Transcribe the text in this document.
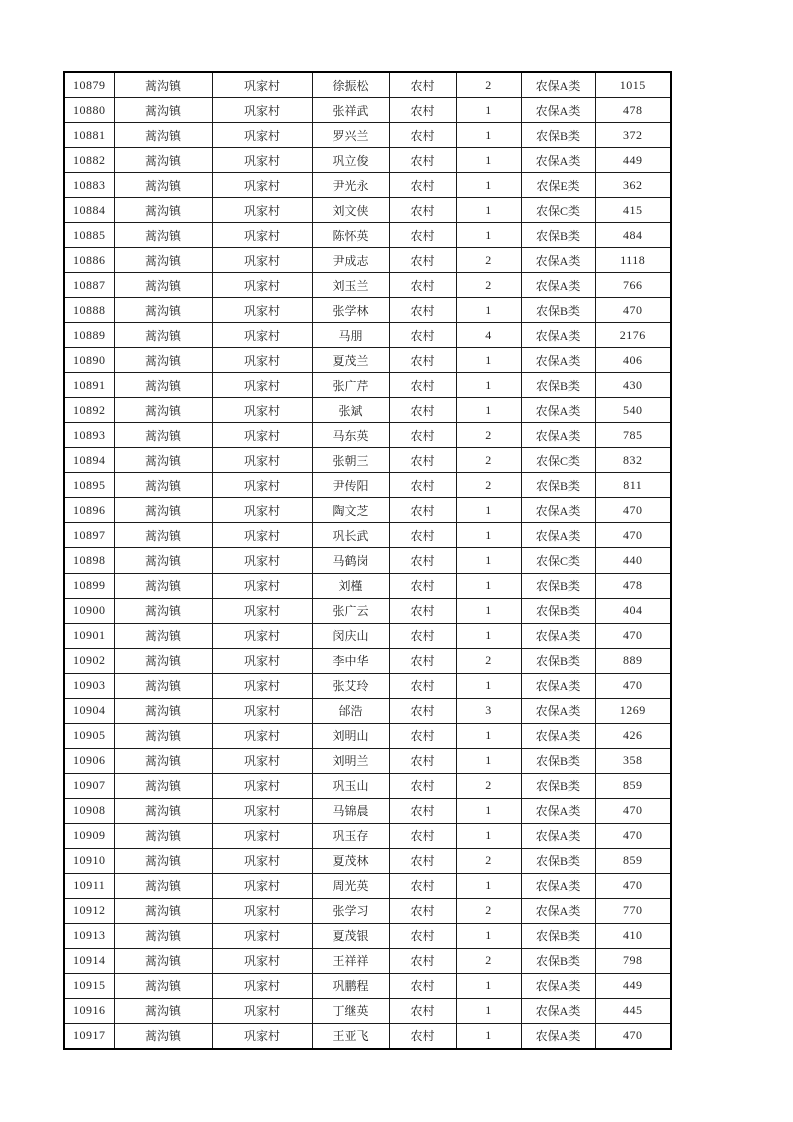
10879	蒿沟镇	巩家村	徐振松	农村	2	农保A类	1015
10880	蒿沟镇	巩家村	张祥武	农村	1	农保A类	478
10881	蒿沟镇	巩家村	罗兴兰	农村	1	农保B类	372
10882	蒿沟镇	巩家村	巩立俊	农村	1	农保A类	449
10883	蒿沟镇	巩家村	尹光永	农村	1	农保E类	362
10884	蒿沟镇	巩家村	刘文侠	农村	1	农保C类	415
10885	蒿沟镇	巩家村	陈怀英	农村	1	农保B类	484
10886	蒿沟镇	巩家村	尹成志	农村	2	农保A类	1118
10887	蒿沟镇	巩家村	刘玉兰	农村	2	农保A类	766
10888	蒿沟镇	巩家村	张学林	农村	1	农保B类	470
10889	蒿沟镇	巩家村	马朋	农村	4	农保A类	2176
10890	蒿沟镇	巩家村	夏茂兰	农村	1	农保A类	406
10891	蒿沟镇	巩家村	张广芹	农村	1	农保B类	430
10892	蒿沟镇	巩家村	张斌	农村	1	农保A类	540
10893	蒿沟镇	巩家村	马东英	农村	2	农保A类	785
10894	蒿沟镇	巩家村	张朝三	农村	2	农保C类	832
10895	蒿沟镇	巩家村	尹传阳	农村	2	农保B类	811
10896	蒿沟镇	巩家村	陶文芝	农村	1	农保A类	470
10897	蒿沟镇	巩家村	巩长武	农村	1	农保A类	470
10898	蒿沟镇	巩家村	马鹤岗	农村	1	农保C类	440
10899	蒿沟镇	巩家村	刘槿	农村	1	农保B类	478
10900	蒿沟镇	巩家村	张广云	农村	1	农保B类	404
10901	蒿沟镇	巩家村	闵庆山	农村	1	农保A类	470
10902	蒿沟镇	巩家村	李中华	农村	2	农保B类	889
10903	蒿沟镇	巩家村	张艾玲	农村	1	农保A类	470
10904	蒿沟镇	巩家村	邰浩	农村	3	农保A类	1269
10905	蒿沟镇	巩家村	刘明山	农村	1	农保A类	426
10906	蒿沟镇	巩家村	刘明兰	农村	1	农保B类	358
10907	蒿沟镇	巩家村	巩玉山	农村	2	农保B类	859
10908	蒿沟镇	巩家村	马锦晨	农村	1	农保A类	470
10909	蒿沟镇	巩家村	巩玉存	农村	1	农保A类	470
10910	蒿沟镇	巩家村	夏茂林	农村	2	农保B类	859
10911	蒿沟镇	巩家村	周光英	农村	1	农保A类	470
10912	蒿沟镇	巩家村	张学习	农村	2	农保A类	770
10913	蒿沟镇	巩家村	夏茂银	农村	1	农保B类	410
10914	蒿沟镇	巩家村	王祥祥	农村	2	农保B类	798
10915	蒿沟镇	巩家村	巩鹏程	农村	1	农保A类	449
10916	蒿沟镇	巩家村	丁继英	农村	1	农保A类	445
10917	蒿沟镇	巩家村	王亚飞	农村	1	农保A类	470
